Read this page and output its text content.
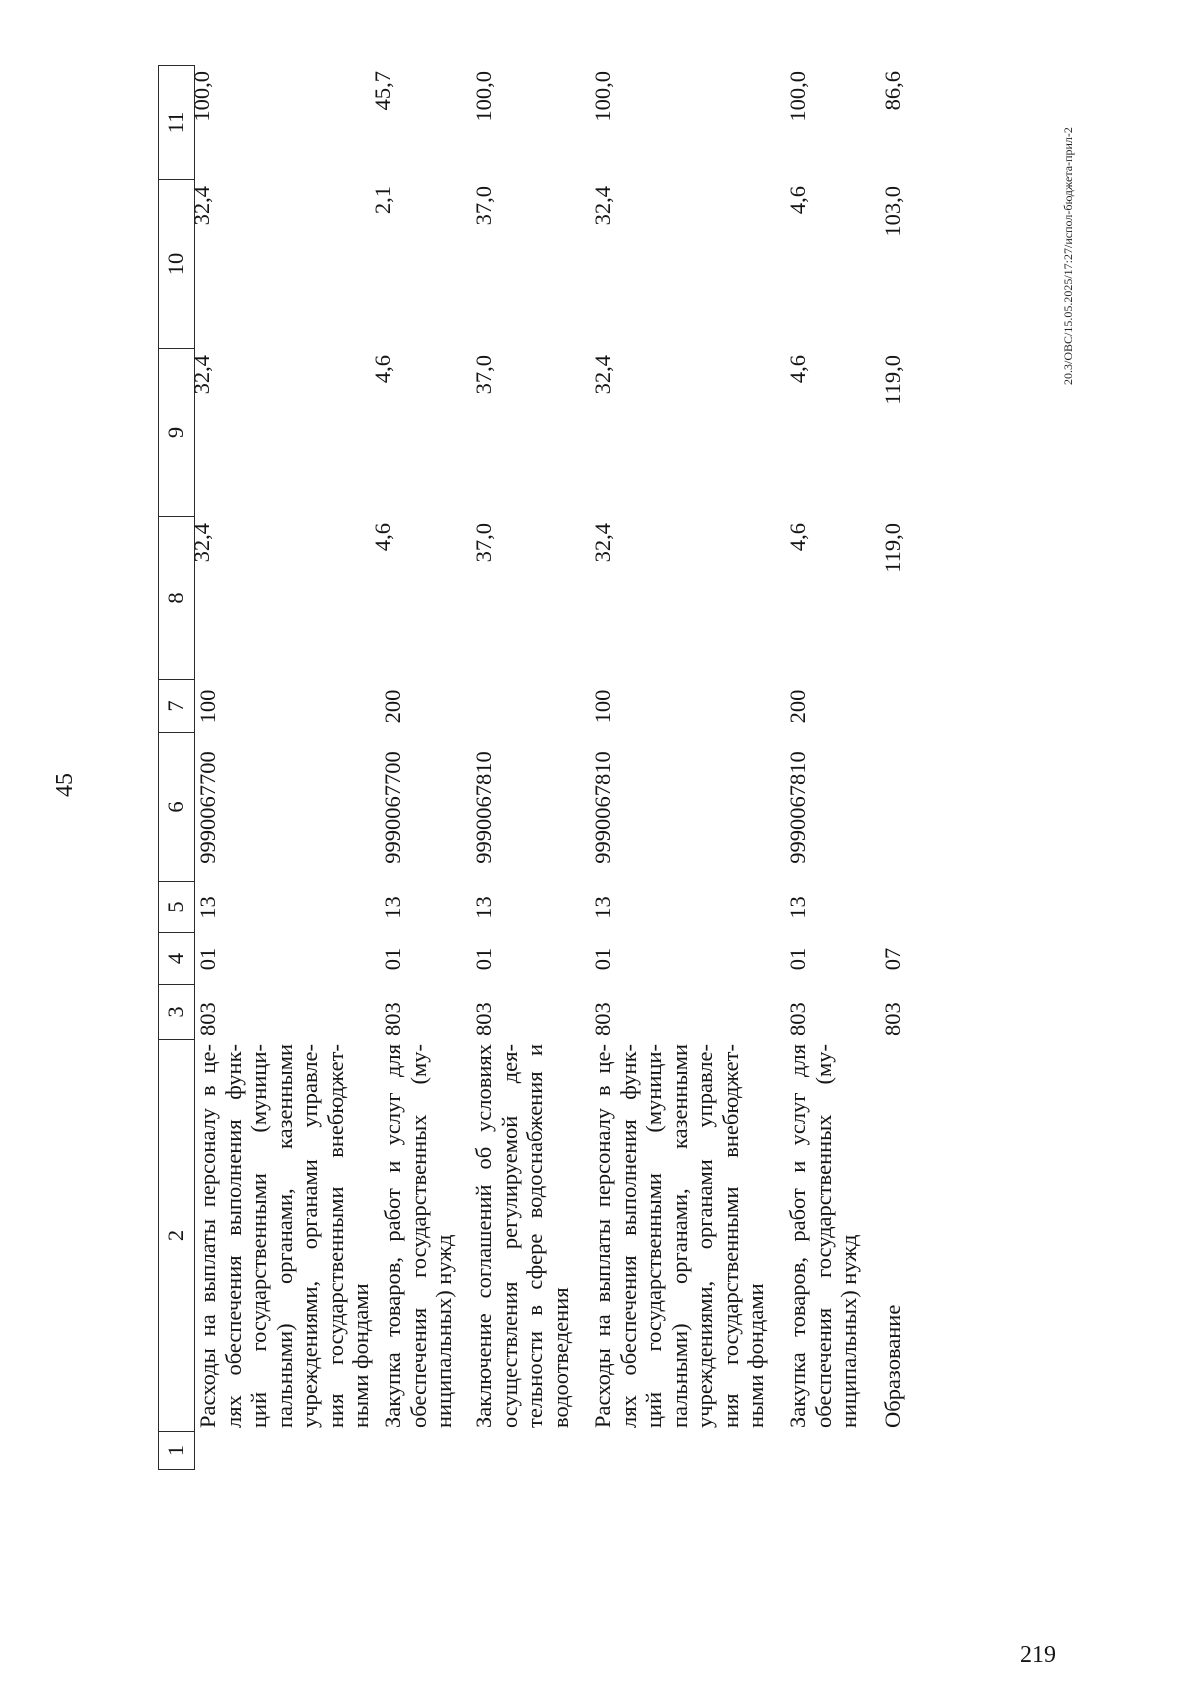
45
1
2
3
4
5
6
7
8
9
10
11
Расходы на выплаты персоналу в це- лях обеспечения выполнения функ- ций государственными (муници- пальными) органами, казенными учреждениями, органами управле- ния государственными внебюджет- ными фондами
803
01
13
9990067700
100
32,4
32,4
32,4
100,0
Закупка товаров, работ и услуг для обеспечения государственных (му- ниципальных) нужд
803
01
13
9990067700
200
4,6
4,6
2,1
45,7
Заключение соглашений об условиях осуществления регулируемой дея- тельности в сфере водоснабжения и водоотведения
803
01
13
9990067810
37,0
37,0
37,0
100,0
Расходы на выплаты персоналу в це- лях обеспечения выполнения функ- ций государственными (муници- пальными) органами, казенными учреждениями, органами управле- ния государственными внебюджет- ными фондами
803
01
13
9990067810
100
32,4
32,4
32,4
100,0
Закупка товаров, работ и услуг для обеспечения государственных (му- ниципальных) нужд
803
01
13
9990067810
200
4,6
4,6
4,6
100,0
Образование
803
07
119,0
119,0
103,0
86,6
20.3/ОВС/15.05.2025/17:27/испол-бюджета-прил-2
219
